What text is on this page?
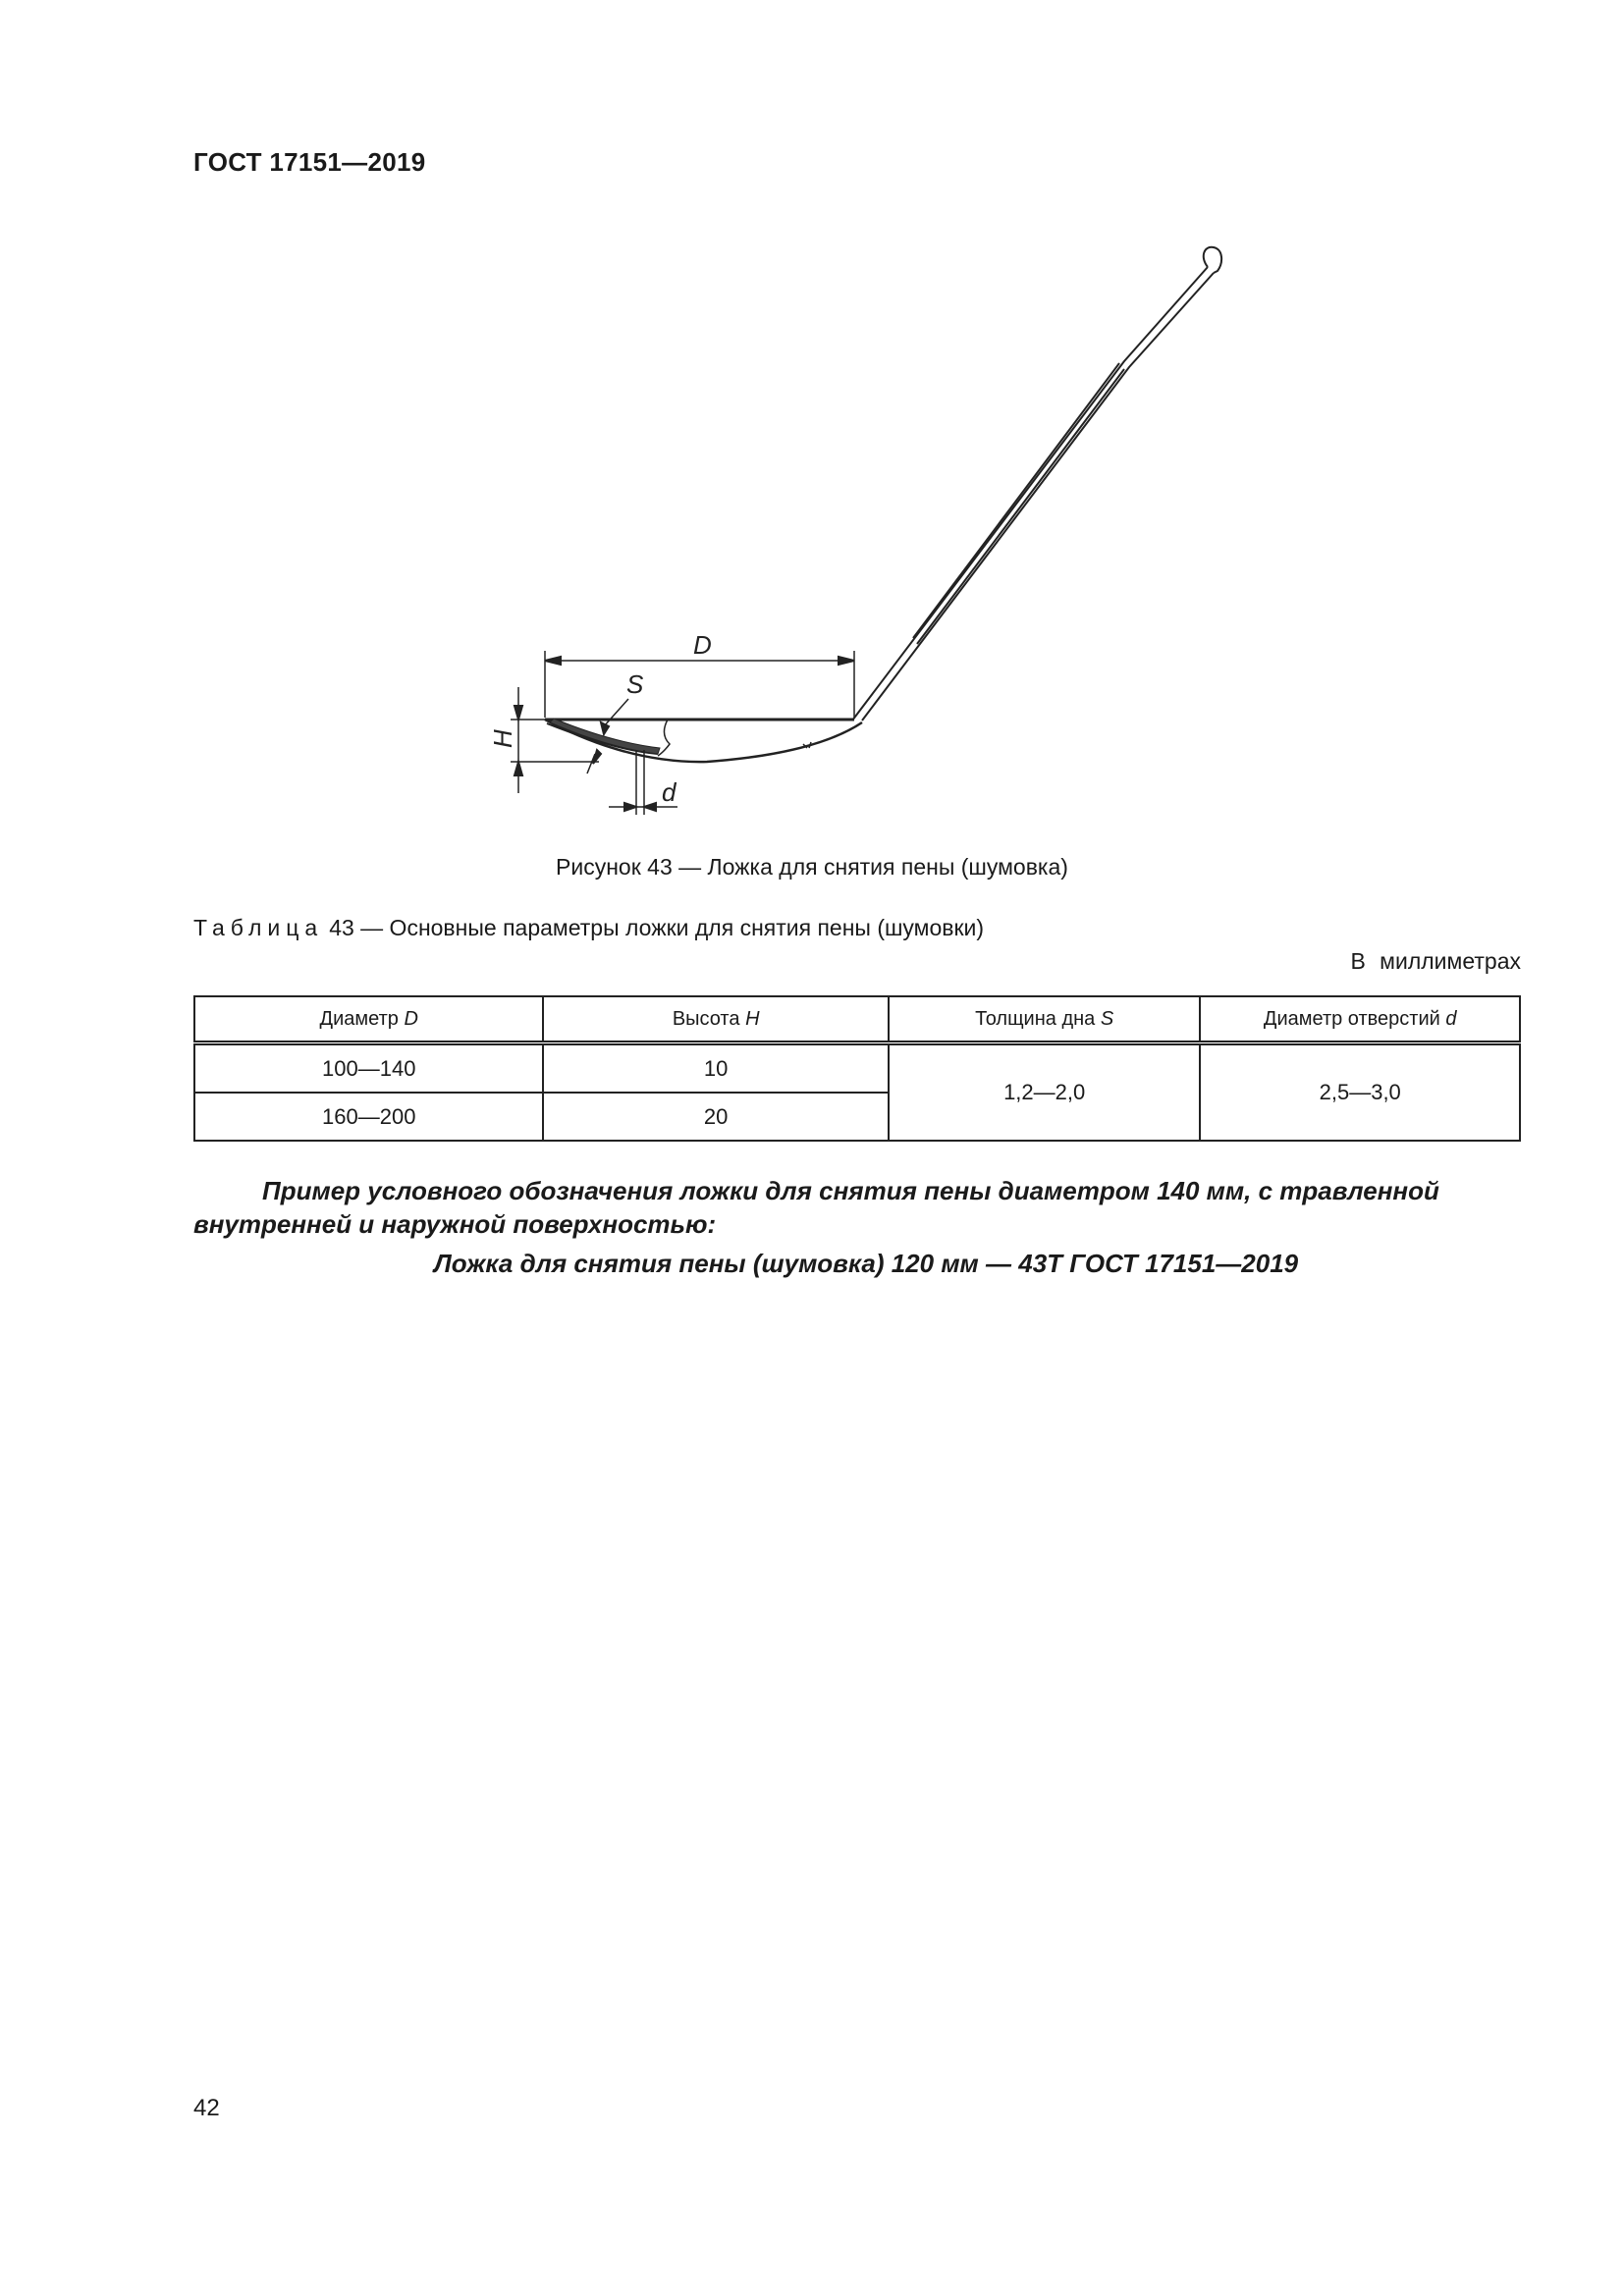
ГОСТ 17151—2019
D
S
H
d
Рисунок 43 — Ложка для снятия пены (шумовка)
Таблица 43 — Основные параметры ложки для снятия пены (шумовки)
В миллиметрах
Диаметр D	Высота H	Толщина дна S	Диаметр отверстий d
100—140	10	1,2—2,0	2,5—3,0
160—200	20		
Пример условного обозначения ложки для снятия пены диаметром 140 мм, с травленной внутренней и наружной поверхностью:
Ложка для снятия пены (шумовка) 120 мм — 43Т ГОСТ 17151—2019
42
